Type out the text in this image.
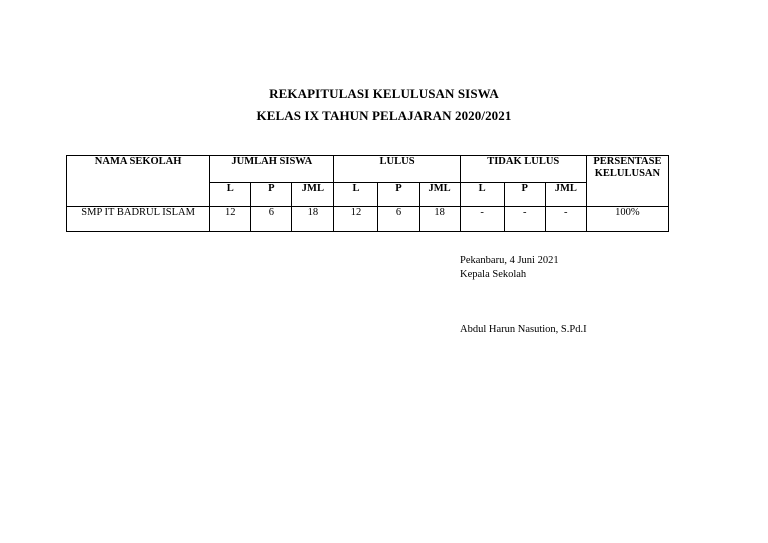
REKAPITULASI KELULUSAN SISWA
KELAS IX TAHUN PELAJARAN 2020/2021
NAMA SEKOLAH	JUMLAH SISWA			LULUS			TIDAK LULUS			PERSENTASE
KELULUSAN

	L	P	JML	L	P	JML	L	P	JML	
SMP IT BADRUL ISLAM	12	6	18	12	6	18	-	-	-	100%
Pekanbaru, 4 Juni 2021
Kepala Sekolah
Abdul Harun Nasution, S.Pd.I
